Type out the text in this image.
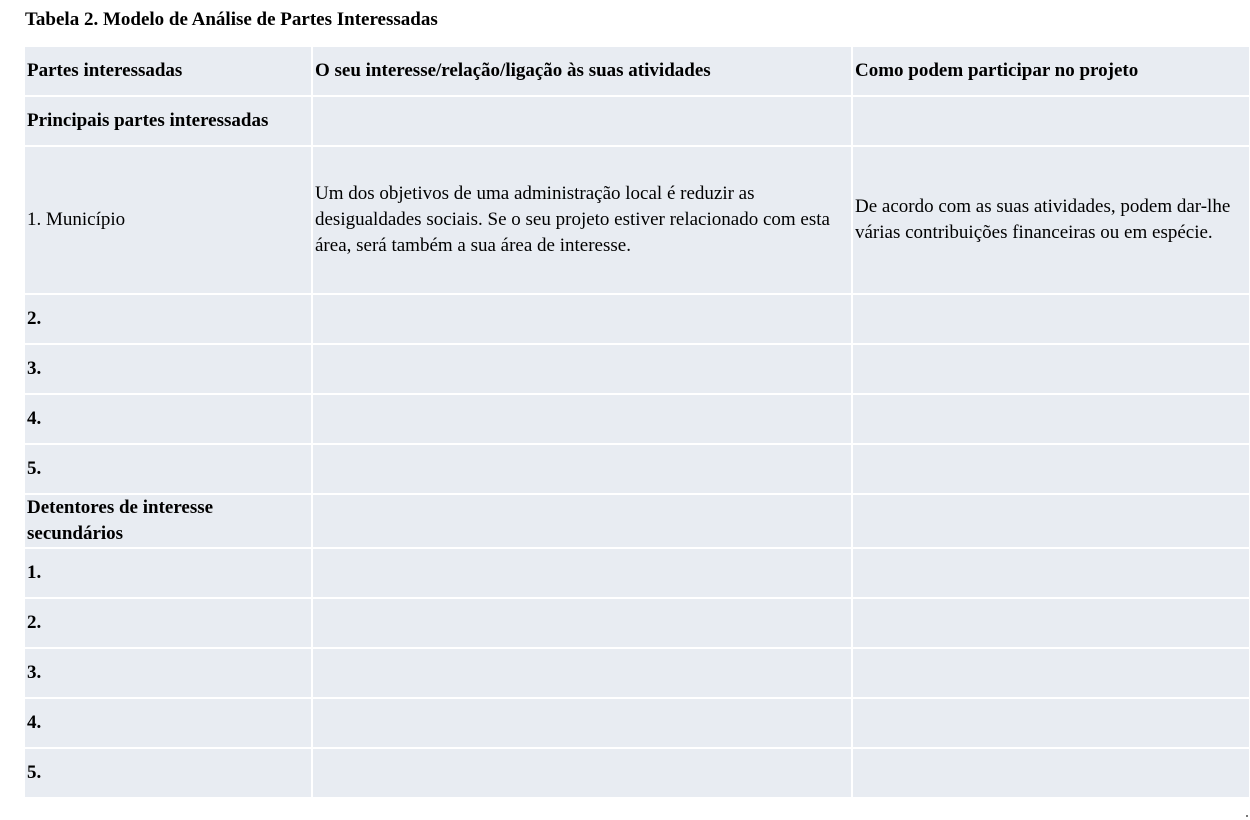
Tabela 2. Modelo de Análise de Partes Interessadas
Partes interessadas	O seu interesse/relação/ligação às suas atividades	Como podem participar no projeto
Principais partes interessadas		
1. Município	Um dos objetivos de uma administração local é reduzir as desigualdades sociais. Se o seu projeto estiver relacionado com esta área, será também a sua área de interesse.	De acordo com as suas atividades, podem dar-lhe várias contribuições financeiras ou em espécie.
2.		
3.		
4.		
5.		

Detentores de interesse secundários		

1.		
2.		
3.		
4.		
5.		
